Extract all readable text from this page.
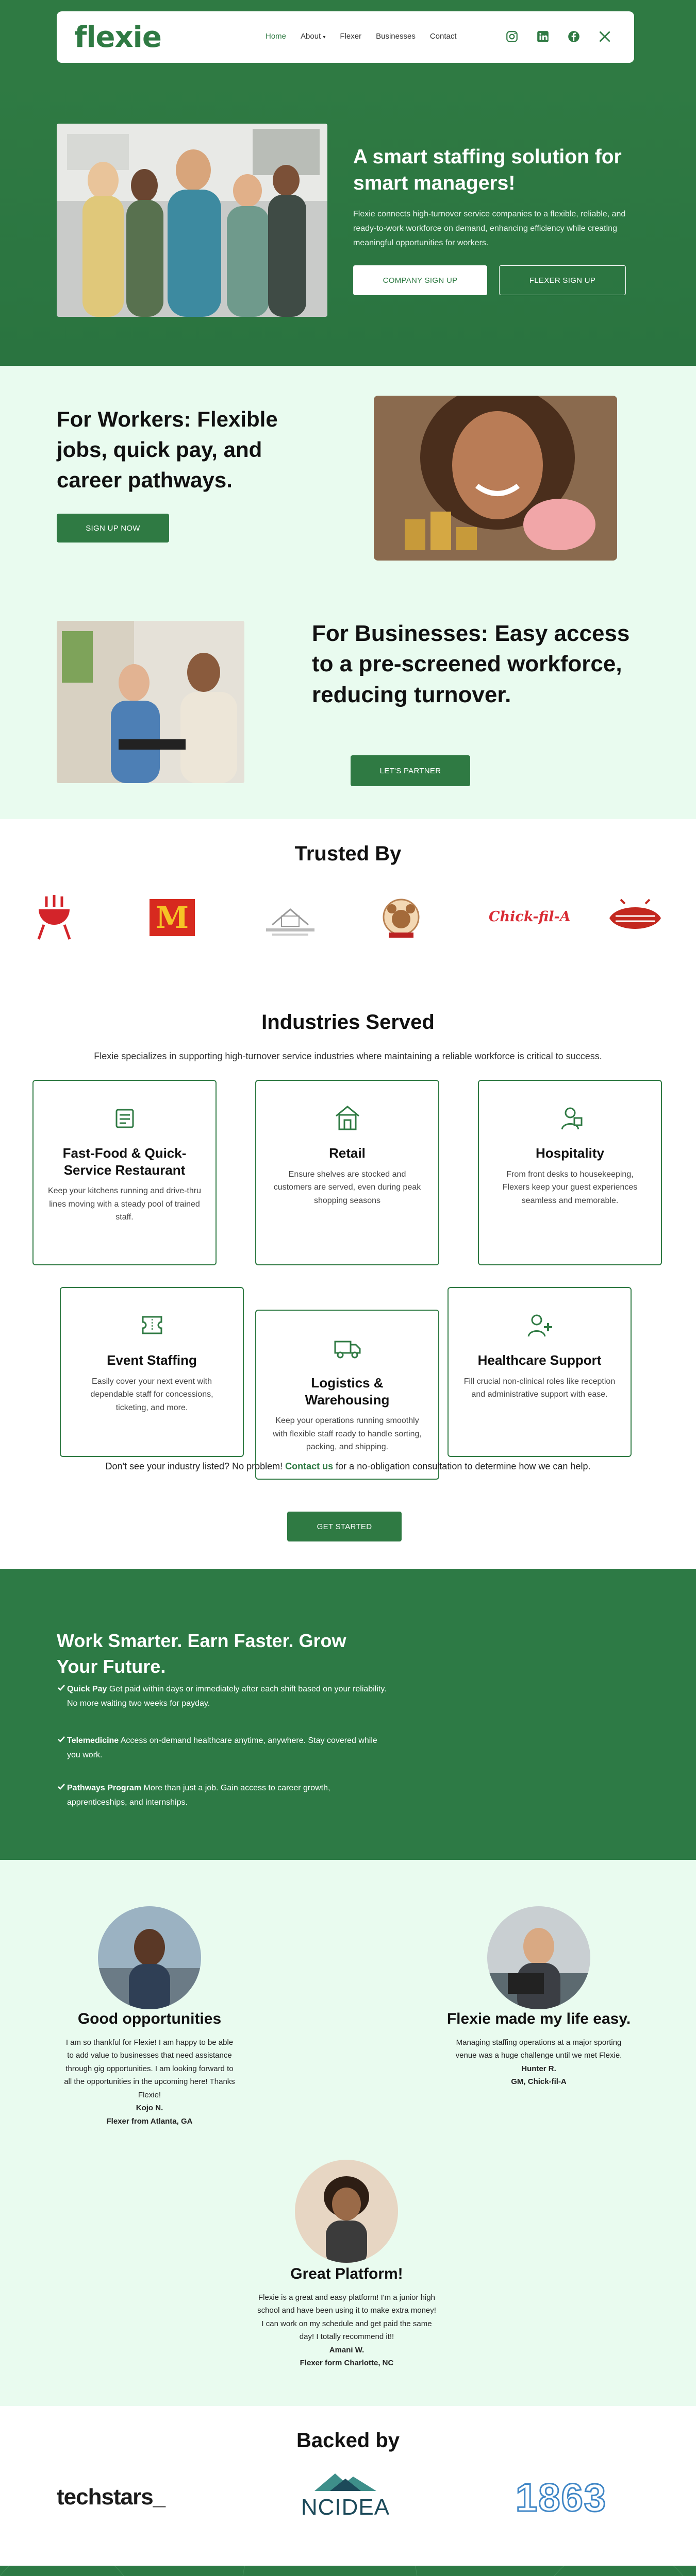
flexie	Home About ▾ Flexer Businesses Contact
A smart staffing solution for smart managers!
Flexie connects high-turnover service companies to a flexible, reliable, and ready-to-work workforce on demand, enhancing efficiency while creating meaningful opportunities for workers.
COMPANY SIGN UP	FLEXER SIGN UP
For Workers: Flexible jobs, quick pay, and career pathways.
SIGN UP NOW
For Businesses: Easy access to a pre-screened workforce, reducing turnover.
LET'S PARTNER
Trusted By
M	Chick-fil-A
Industries Served
Flexie specializes in supporting high-turnover service industries where maintaining a reliable workforce is critical to success.
Fast-Food & Quick-Service Restaurant

Keep your kitchens running and drive-thru lines moving with a steady pool of trained staff.

Retail

Ensure shelves are stocked and customers are served, even during peak shopping seasons

Hospitality

From front desks to housekeeping, Flexers keep your guest experiences seamless and memorable.

Event Staffing

Easily cover your next event with dependable staff for concessions, ticketing, and more.

Logistics & Warehousing

Keep your operations running smoothly with flexible staff ready to handle sorting, packing, and shipping.

Healthcare Support

Fill crucial non-clinical roles like reception and administrative support with ease.

Don't see your industry listed? No problem! Contact us for a no-obligation consultation to determine how we can help.
GET STARTED
Work Smarter. Earn Faster. Grow Your Future.
Quick Pay Get paid within days or immediately after each shift based on your reliability. No more waiting two weeks for payday.
Telemedicine Access on-demand healthcare anytime, anywhere. Stay covered while you work.
Pathways Program More than just a job. Gain access to career growth, apprenticeships, and internships.
Good opportunities
I am so thankful for Flexie! I am happy to be able to add value to businesses that need assistance through gig opportunities. I am looking forward to all the opportunities in the upcoming here! Thanks Flexie!
Kojo N.
Flexer from Atlanta, GA
Flexie made my life easy.
Managing staffing operations at a major sporting venue was a huge challenge until we met Flexie.
Hunter R.
GM, Chick-fil-A
Great Platform!
Flexie is a great and easy platform! I'm a junior high school and have been using it to make extra money! I can work on my schedule and get paid the same day! I totally recommend it!!
Amani W.
Flexer form Charlotte, NC
Backed by
techstars_	NCIDEA	1863
